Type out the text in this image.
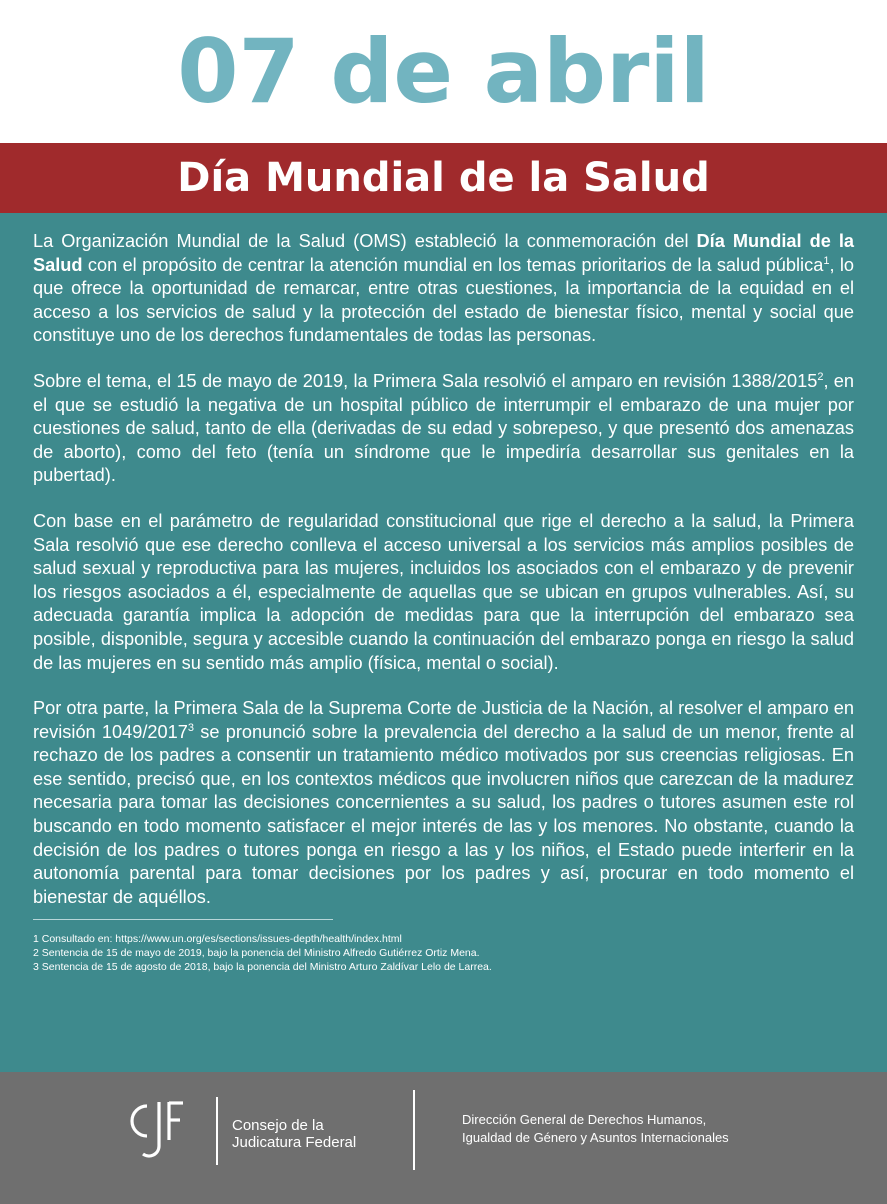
07 de abril
Día Mundial de la Salud

La Organización Mundial de la Salud (OMS) estableció la conmemoración del Día Mundial de la Salud con el propósito de centrar la atención mundial en los temas prioritarios de la salud pública$^1$, lo que ofrece la oportunidad de remarcar, entre otras cuestiones, la importancia de la equidad en el acceso a los servicios de salud y la protección del estado de bienestar físico, mental y social que constituye uno de los derechos fundamentales de todas las personas.

Sobre el tema, el 15 de mayo de 2019, la Primera Sala resolvió el amparo en revisión 1388/2015$^2$, en el que se estudió la negativa de un hospital público de interrumpir el embarazo de una mujer por cuestiones de salud, tanto de ella (derivadas de su edad y sobrepeso, y que presentó dos amenazas de aborto), como del feto (tenía un síndrome que le impediría desarrollar sus genitales en la pubertad).

Con base en el parámetro de regularidad constitucional que rige el derecho a la salud, la Primera Sala resolvió que ese derecho conlleva el acceso universal a los servicios más amplios posibles de salud sexual y reproductiva para las mujeres, incluidos los asociados con el embarazo y de prevenir los riesgos asociados a él, especialmente de aquellas que se ubican en grupos vulnerables. Así, su adecuada garantía implica la adopción de medidas para que la interrupción del embarazo sea posible, disponible, segura y accesible cuando la continuación del embarazo ponga en riesgo la salud de las mujeres en su sentido más amplio (física, mental o social).

Por otra parte, la Primera Sala de la Suprema Corte de Justicia de la Nación, al resolver el amparo en revisión 1049/2017$^3$ se pronunció sobre la prevalencia del derecho a la salud de un menor, frente al rechazo de los padres a consentir un tratamiento médico motivados por sus creencias religiosas. En ese sentido, precisó que, en los contextos médicos que involucren niños que carezcan de la madurez necesaria para tomar las decisiones concernientes a su salud, los padres o tutores asumen este rol buscando en todo momento satisfacer el mejor interés de las y los menores. No obstante, cuando la decisión de los padres o tutores ponga en riesgo a las y los niños, el Estado puede interferir en la autonomía parental para tomar decisiones por los padres y así, procurar en todo momento el bienestar de aquéllos.

1 Consultado en: https://www.un.org/es/sections/issues-depth/health/index.html

2 Sentencia de 15 de mayo de 2019, bajo la ponencia del Ministro Alfredo Gutiérrez Ortiz Mena.

3 Sentencia de 15 de agosto de 2018, bajo la ponencia del Ministro Arturo Zaldívar Lelo de Larrea.

Consejo de la
Judicatura Federal
Dirección General de Derechos Humanos,
Igualdad de Género y Asuntos Internacionales
